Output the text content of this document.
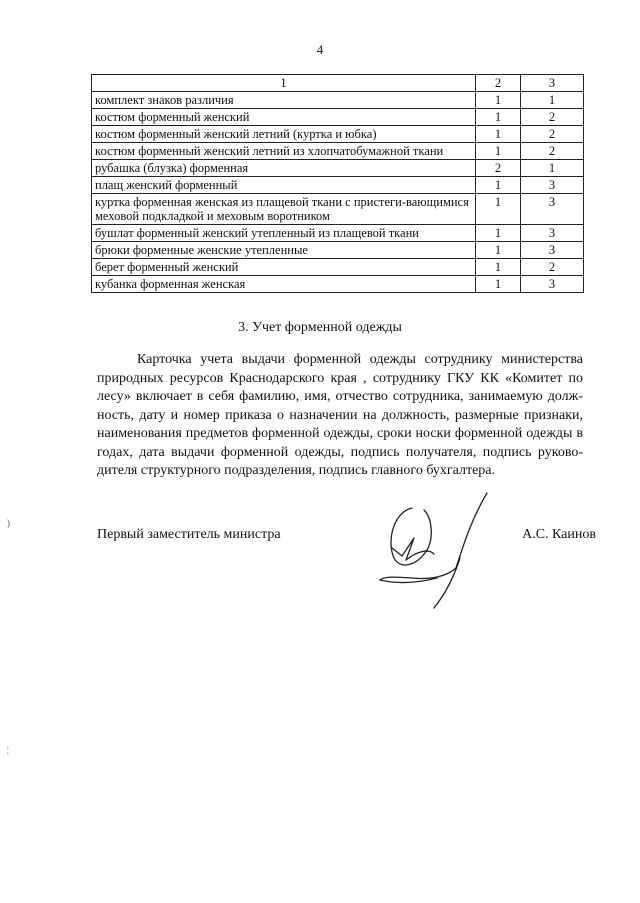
4
1	2	3
комплект знаков различия	1	1
костюм форменный женский	1	2
костюм форменный женский летний (куртка и юбка)	1	2
костюм форменный женский летний из хлопчатобумажной ткани	1	2
рубашка (блузка) форменная	2	1
плащ женский форменный	1	3
куртка форменная женская из плащевой ткани с пристеги-вающимися меховой подкладкой и меховым воротником	1	3
бушлат форменный женский утепленный из плащевой ткани	1	3
брюки форменные женские утепленные	1	3
берет форменный женский	1	2
кубанка форменная женская	1	3
3. Учет форменной одежды

Карточка учета выдачи форменной одежды сотруднику министерства природных ресурсов Краснодарского края , сотруднику ГКУ КК «Комитет по лесу» включает в себя фамилию, имя, отчество сотрудника, занимаемую долж-ность, дату и номер приказа о назначении на должность, размерные признаки, наименования предметов форменной одежды, сроки носки форменной одежды в годах, дата выдачи форменной одежды, подпись получателя, подпись руково-дителя структурного подразделения, подпись главного бухгалтера.

Первый заместитель министра	А.С. Каинов
)
¦
